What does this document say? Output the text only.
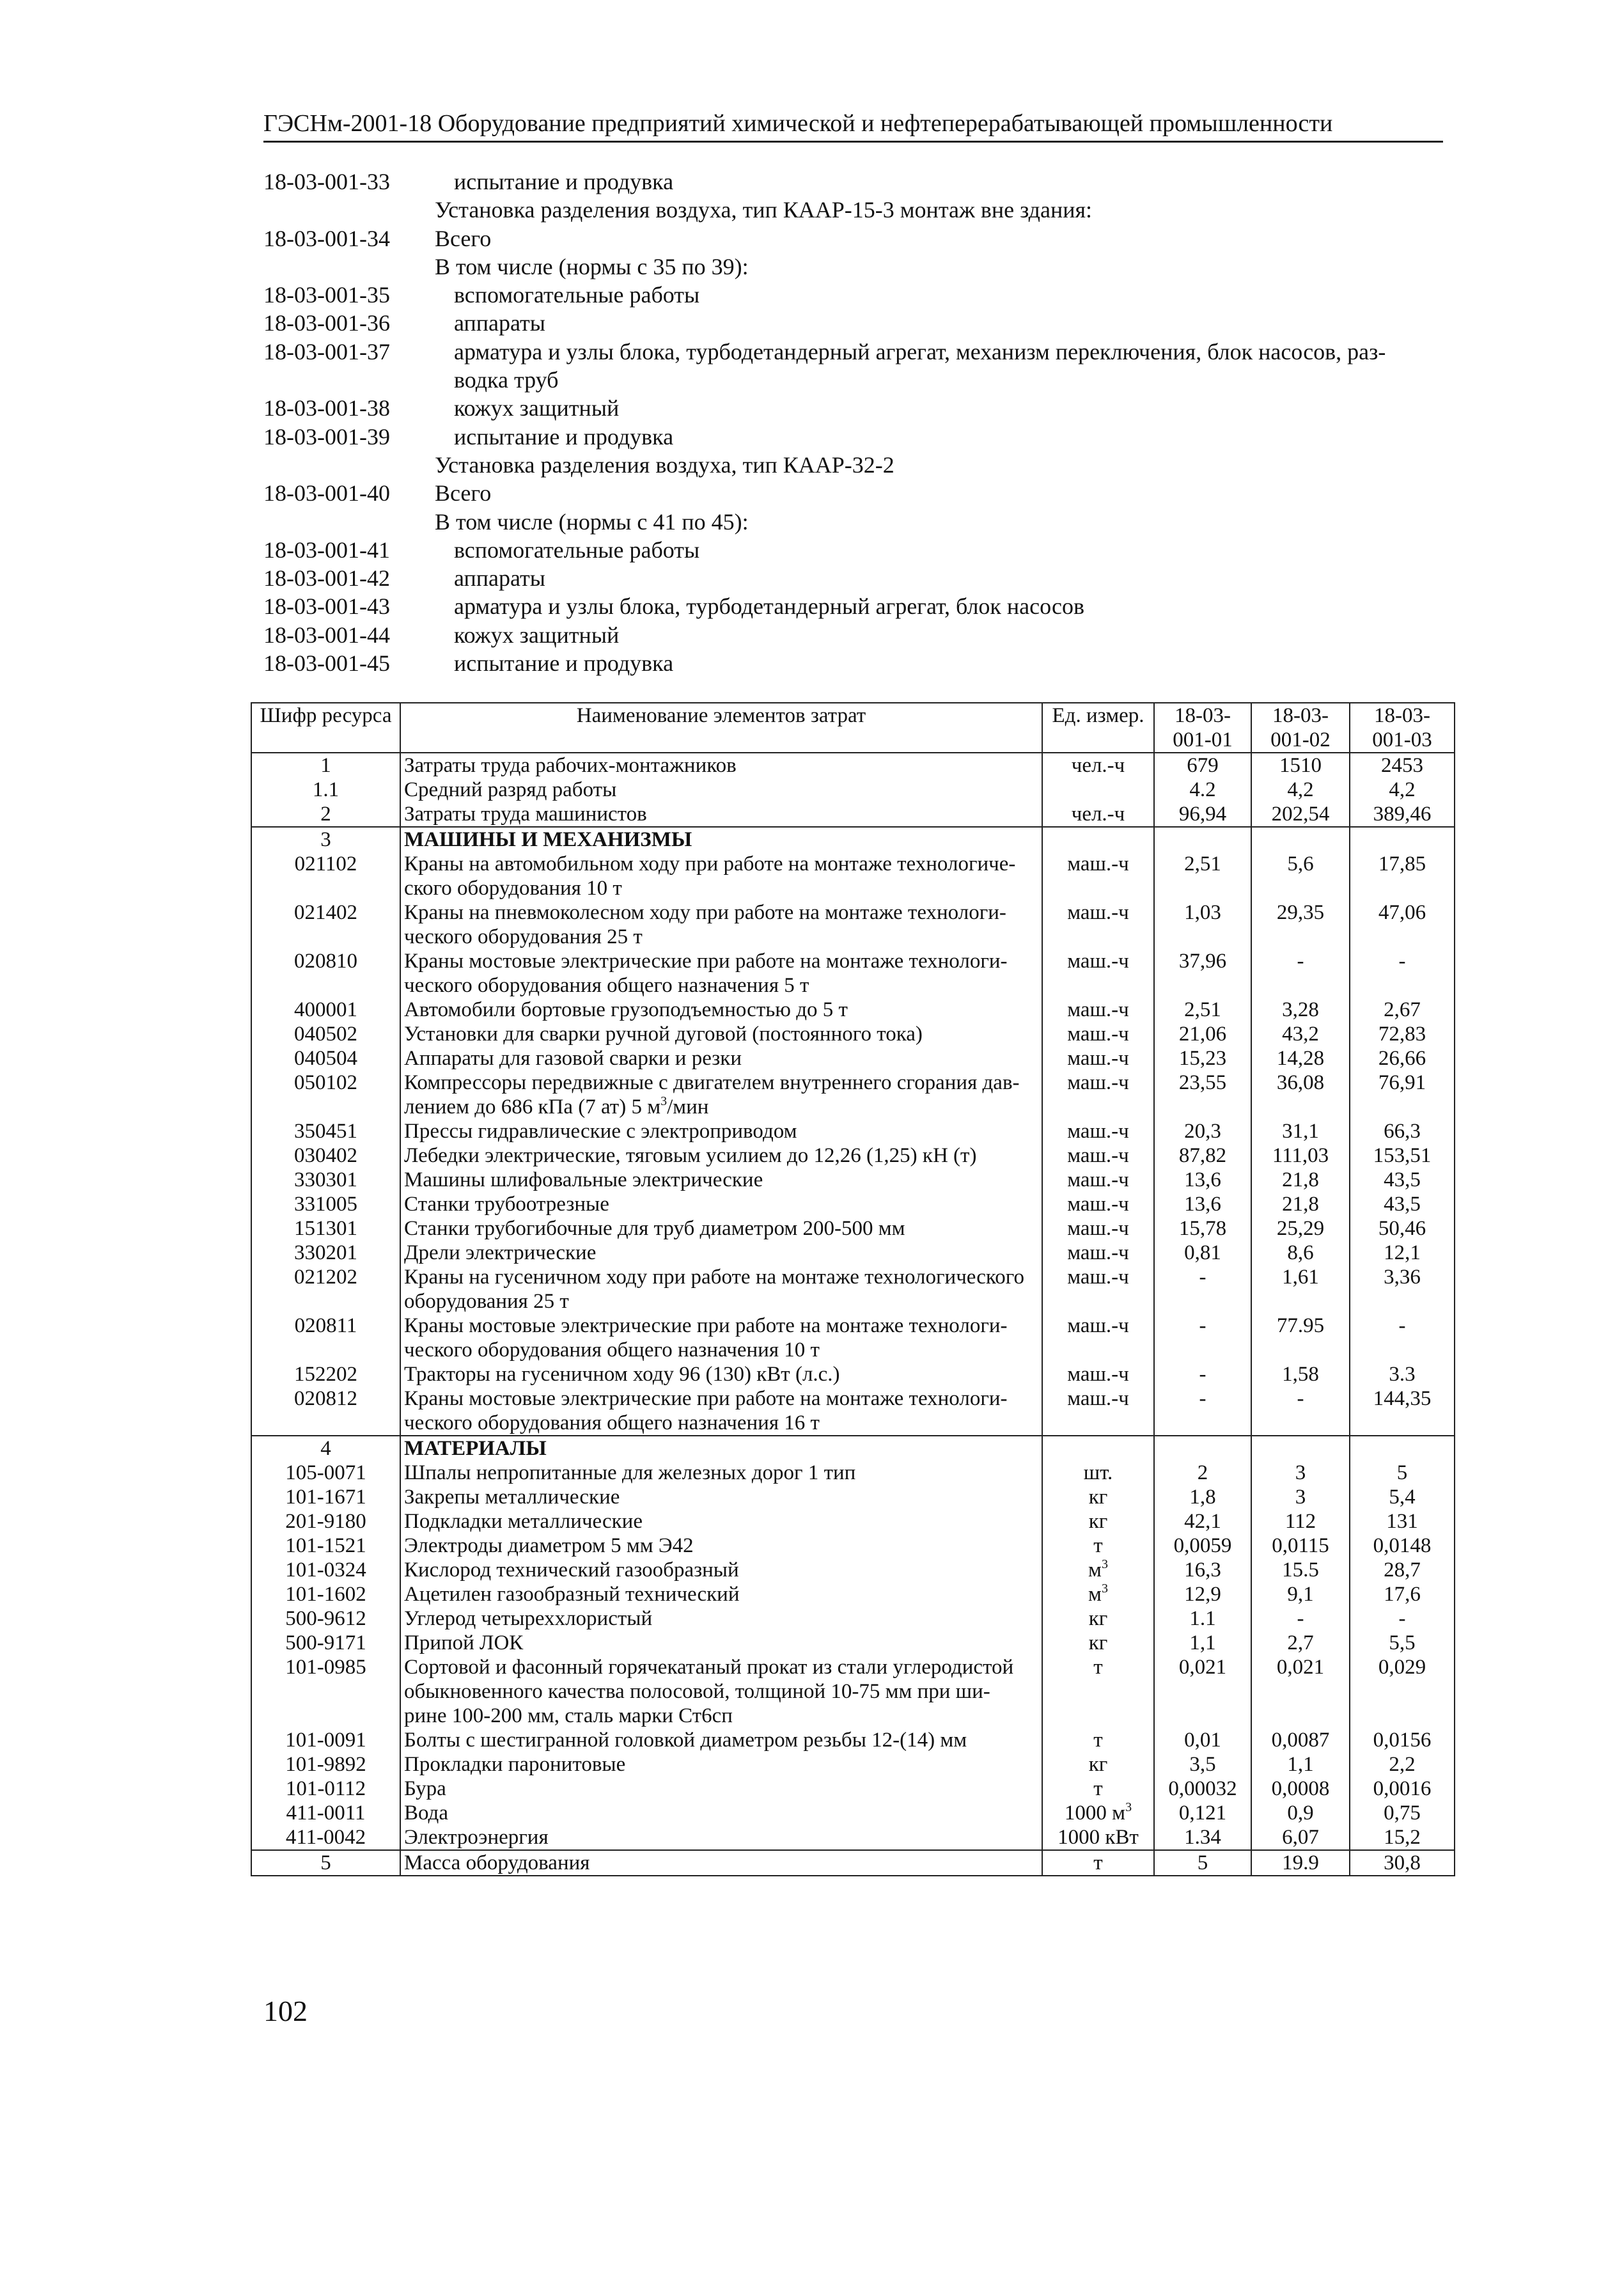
ГЭСНм-2001-18 Оборудование предприятий химической и нефтеперерабатывающей промышленности
18-03-001-33	испытание и продувка
Установка разделения воздуха, тип КААР-15-3 монтаж вне здания:
18-03-001-34 Всего
В том числе (нормы с 35 по 39):
18-03-001-35	вспомогательные работы
18-03-001-36	аппараты
18-03-001-37	арматура и узлы блока, турбодетандерный агрегат, механизм переключения, блок насосов, раз-
водка труб
18-03-001-38	кожух защитный
18-03-001-39	испытание и продувка
Установка разделения воздуха, тип КААР-32-2
18-03-001-40 Всего
В том числе (нормы с 41 по 45):
18-03-001-41	вспомогательные работы
18-03-001-42	аппараты
18-03-001-43	арматура и узлы блока, турбодетандерный агрегат, блок насосов
18-03-001-44	кожух защитный
18-03-001-45	испытание и продувка
Шифр ресурса	Наименование элементов затрат	Ед. измер.	18-03-
001-01	18-03-
001-02	18-03-
001-03
1	Затраты труда рабочих-монтажников	чел.-ч	679	1510	2453
1.1	Средний разряд работы		4.2	4,2	4,2
2	Затраты труда машинистов	чел.-ч	96,94	202,54	389,46
3	МАШИНЫ И МЕХАНИЗМЫ				

021102	Краны на автомобильном ходу при работе на монтаже технологиче-
ского оборудования 10 т	маш.-ч	2,51	5,6	17,85
021402	Краны на пневмоколесном ходу при работе на монтаже технологи-
ческого оборудования 25 т	маш.-ч	1,03	29,35	47,06
020810	Краны мостовые электрические при работе на монтаже технологи-
ческого оборудования общего назначения 5 т	маш.-ч	37,96	-	-
400001	Автомобили бортовые грузоподъемностью до 5 т	маш.-ч	2,51	3,28	2,67
040502	Установки для сварки ручной дуговой (постоянного тока)	маш.-ч	21,06	43,2	72,83
040504	Аппараты для газовой сварки и резки	маш.-ч	15,23	14,28	26,66
050102	Компрессоры передвижные с двигателем внутреннего сгорания дав-
лением до 686 кПа (7 ат) 5 $м^3$/мин	маш.-ч	23,55	36,08	76,91
350451	Прессы гидравлические с электроприводом	маш.-ч	20,3	31,1	66,3
030402	Лебедки электрические, тяговым усилием до 12,26 (1,25) кН (т)	маш.-ч	87,82	111,03	153,51
330301	Машины шлифовальные электрические	маш.-ч	13,6	21,8	43,5
331005	Станки трубоотрезные	маш.-ч	13,6	21,8	43,5
151301	Станки трубогибочные для труб диаметром 200-500 мм	маш.-ч	15,78	25,29	50,46
330201	Дрели электрические	маш.-ч	0,81	8,6	12,1
021202	Краны на гусеничном ходу при работе на монтаже технологического
оборудования 25 т	маш.-ч	-	1,61	3,36
020811	Краны мостовые электрические при работе на монтаже технологи-
ческого оборудования общего назначения 10 т	маш.-ч	-	77.95	-
152202	Тракторы на гусеничном ходу 96 (130) кВт (л.с.)	маш.-ч	-	1,58	3.3
020812	Краны мостовые электрические при работе на монтаже технологи-
ческого оборудования общего назначения 16 т	маш.-ч	-	-	144,35
4	МАТЕРИАЛЫ				

105-0071	Шпалы непропитанные для железных дорог 1 тип	шт.	2	3	5
101-1671	Закрепы металлические	кг	1,8	3	5,4
201-9180	Подкладки металлические	кг	42,1	112	131
101-1521	Электроды диаметром 5 мм Э42	т	0,0059	0,0115	0,0148
101-0324	Кислород технический газообразный	$м^3$	16,3	15.5	28,7
101-1602	Ацетилен газообразный технический	$м^3$	12,9	9,1	17,6
500-9612	Углерод четыреххлористый	кг	1.1	-	-
500-9171	Припой ЛОК	кг	1,1	2,7	5,5
101-0985	Сортовой и фасонный горячекатаный прокат из стали углеродистой
обыкновенного качества полосовой, толщиной 10-75 мм при ши-
рине 100-200 мм, сталь марки Ст6сп	т	0,021	0,021	0,029
101-0091	Болты с шестигранной головкой диаметром резьбы 12-(14) мм	т	0,01	0,0087	0,0156
101-9892	Прокладки паронитовые	кг	3,5	1,1	2,2
101-0112	Бура	т	0,00032	0,0008	0,0016
411-0011	Вода	1000 $м^3$	0,121	0,9	0,75
411-0042	Электроэнергия	1000 кВт	1.34	6,07	15,2
5	Масса оборудования	т	5	19.9	30,8
102
